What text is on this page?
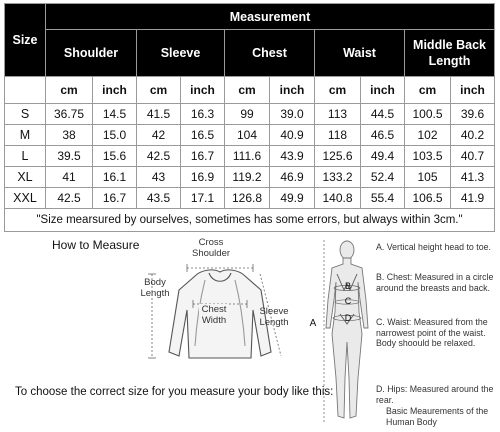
Size	Measurement									
	Shoulder		Sleeve		Chest		Waist		Middle Back Length	
	cm	inch	cm	inch	cm	inch	cm	inch	cm	inch
S	36.75	14.5	41.5	16.3	99	39.0	113	44.5	100.5	39.6
M	38	15.0	42	16.5	104	40.9	118	46.5	102	40.2
L	39.5	15.6	42.5	16.7	111.6	43.9	125.6	49.4	103.5	40.7
XL	41	16.1	43	16.9	119.2	46.9	133.2	52.4	105	41.3
XXL	42.5	16.7	43.5	17.1	126.8	49.9	140.8	55.4	106.5	41.9
"Size mearsured by ourselves, sometimes has some errors, but always within 3cm."										
How to Measure	Cross Shoulder
Body Length
Chest Width
Sleeve Length
To choose the correct size for you measure your body like this:
A
B
C
D
A. Vertical height head to toe.
B. Chest: Measured in a circle around the breasts and back.
C. Waist: Measured from the narrowest point of the waist. Body shoould be relaxed.
D. Hips: Measured around the rear.
Basic Meaurements of the Human Body
